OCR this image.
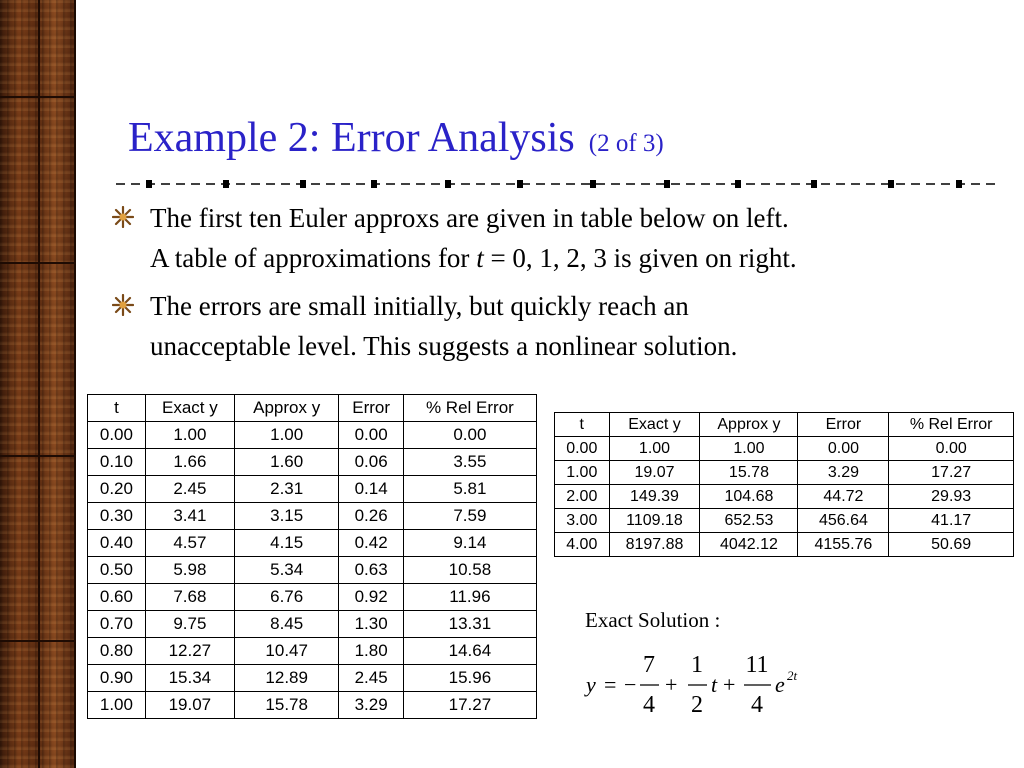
Example 2: Error Analysis (2 of 3)
The first ten Euler approxs are given in table below on left.
A table of approximations for t = 0, 1, 2, 3 is given on right.
The errors are small initially, but quickly reach an
unacceptable level. This suggests a nonlinear solution.
t	Exact y	Approx y	Error	% Rel Error
0.00	1.00	1.00	0.00	0.00
0.10	1.66	1.60	0.06	3.55
0.20	2.45	2.31	0.14	5.81
0.30	3.41	3.15	0.26	7.59
0.40	4.57	4.15	0.42	9.14
0.50	5.98	5.34	0.63	10.58
0.60	7.68	6.76	0.92	11.96
0.70	9.75	8.45	1.30	13.31
0.80	12.27	10.47	1.80	14.64
0.90	15.34	12.89	2.45	15.96
1.00	19.07	15.78	3.29	17.27
t	Exact y	Approx y	Error	% Rel Error
0.00	1.00	1.00	0.00	0.00
1.00	19.07	15.78	3.29	17.27
2.00	149.39	104.68	44.72	29.93
3.00	1109.18	652.53	456.64	41.17
4.00	8197.88	4042.12	4155.76	50.69
Exact Solution :
y = −
7
4
+
1
2
t +
11
4
e 2t
